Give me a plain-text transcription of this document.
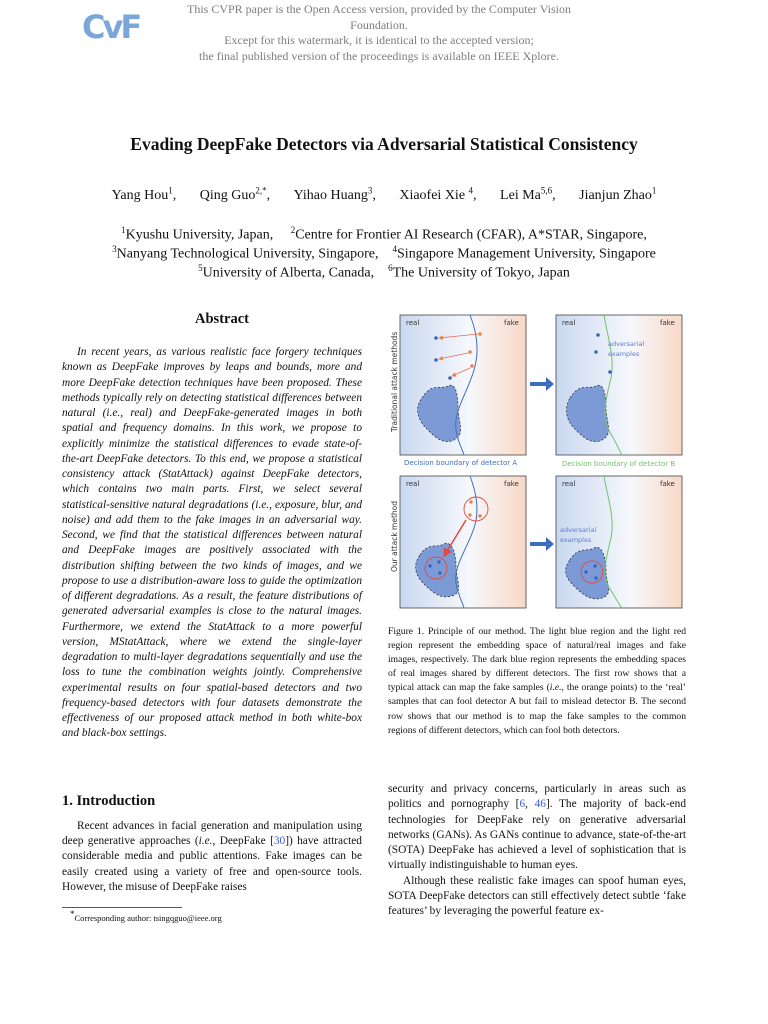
CvF	This CVPR paper is the Open Access version, provided by the Computer Vision Foundation.
Except for this watermark, it is identical to the accepted version;
the final published version of the proceedings is available on IEEE Xplore.
Evading DeepFake Detectors via Adversarial Statistical Consistency
Yang Hou$^1$, Qing Guo$^{2,*}$, Yihao Huang$^3$, Xiaofei Xie $^4$, Lei Ma$^{5,6}$, Jianjun Zhao$^1$
$^1$Kyushu University, Japan, $^2$Centre for Frontier AI Research (CFAR), A*STAR, Singapore,
$^3$Nanyang Technological University, Singapore, $^4$Singapore Management University, Singapore
$^5$University of Alberta, Canada, $^6$The University of Tokyo, Japan
Abstract
In recent years, as various realistic face forgery techniques known as DeepFake improves by leaps and bounds, more and more DeepFake detection techniques have been proposed. These methods typically rely on detecting statistical differences between natural (i.e., real) and DeepFake-generated images in both spatial and frequency domains. In this work, we propose to explicitly minimize the statistical differences to evade state-of-the-art DeepFake detectors. To this end, we propose a statistical consistency attack (StatAttack) against DeepFake detectors, which contains two main parts. First, we select several statistical-sensitive natural degradations (i.e., exposure, blur, and noise) and add them to the fake images in an adversarial way. Second, we find that the statistical differences between natural and DeepFake images are positively associated with the distribution shifting between the two kinds of images, and we propose to use a distribution-aware loss to guide the optimization of different degradations. As a result, the feature distributions of generated adversarial examples is close to the natural images. Furthermore, we extend the StatAttack to a more powerful version, MStatAttack, where we extend the single-layer degradation to multi-layer degradations sequentially and use the loss to tune the combination weights jointly. Comprehensive experimental results on four spatial-based detectors and two frequency-based detectors with four datasets demonstrate the effectiveness of our proposed attack method in both white-box and black-box settings.
1. Introduction
Recent advances in facial generation and manipulation using deep generative approaches (i.e., DeepFake [30]) have attracted considerable media and public attentions. Fake images can be easily created using a variety of free and open-source tools. However, the misuse of DeepFake raises
*Corresponding author: tsingqguo@ieee.org
Traditional attack methods
Our attack method
real	fake	real	fake
adversarial
examples
Decision boundary of detector A	Decision boundary of detector B
real	fake	real	fake
adversarial
examples
Figure 1. Principle of our method. The light blue region and the light red region represent the embedding space of natural/real images and fake images, respectively. The dark blue region represents the embedding spaces of real images shared by different detectors. The first row shows that a typical attack can map the fake samples (i.e., the orange points) to the ‘real’ samples that can fool detector A but fail to mislead detector B. The second row shows that our method is to map the fake samples to the common regions of different detectors, which can fool both detectors.
security and privacy concerns, particularly in areas such as politics and pornography [6, 46]. The majority of back-end technologies for DeepFake rely on generative adversarial networks (GANs). As GANs continue to advance, state-of-the-art (SOTA) DeepFake has achieved a level of sophistication that is virtually indistinguishable to human eyes.
Although these realistic fake images can spoof human eyes, SOTA DeepFake detectors can still effectively detect subtle ‘fake features’ by leveraging the powerful feature ex-
